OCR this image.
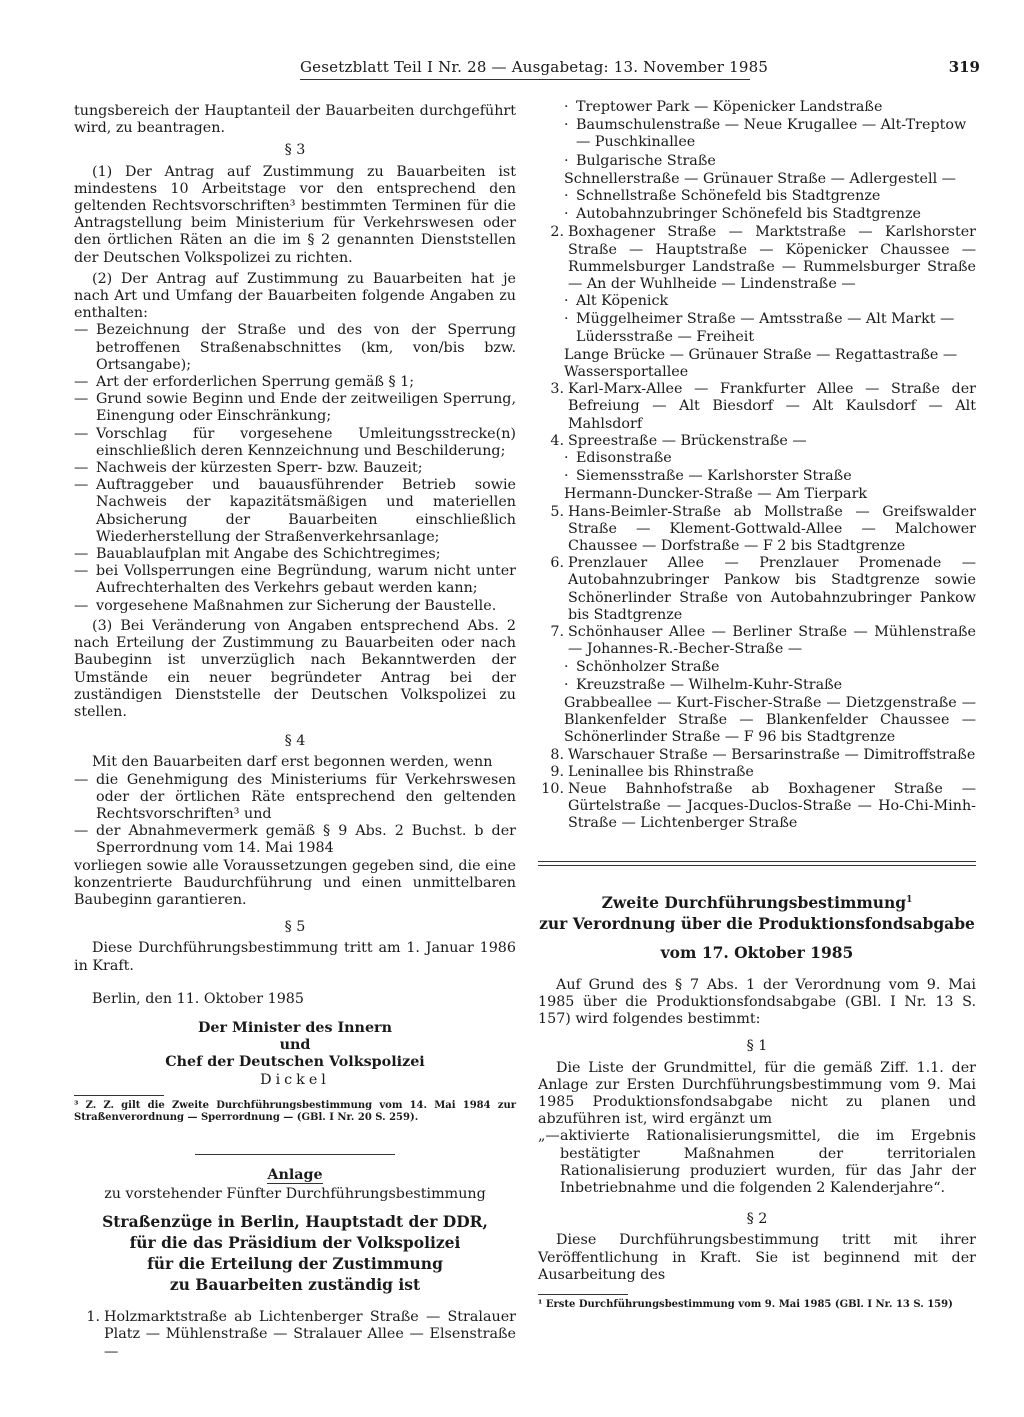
Gesetzblatt Teil I Nr. 28 — Ausgabetag: 13. November 1985	319

tungsbereich der Hauptanteil der Bauarbeiten durchgeführt wird, zu beantragen.

§ 3

(1) Der Antrag auf Zustimmung zu Bauarbeiten ist mindestens 10 Arbeitstage vor den entsprechend den geltenden Rechtsvorschriften³ bestimmten Terminen für die Antragstellung beim Ministerium für Verkehrswesen oder den örtlichen Räten an die im § 2 genannten Dienststellen der Deutschen Volkspolizei zu richten.

(2) Der Antrag auf Zustimmung zu Bauarbeiten hat je nach Art und Umfang der Bauarbeiten folgende Angaben zu enthalten:

— Bezeichnung der Straße und des von der Sperrung betroffenen Straßenabschnittes (km, von/bis bzw. Ortsangabe);
— Art der erforderlichen Sperrung gemäß § 1;
— Grund sowie Beginn und Ende der zeitweiligen Sperrung, Einengung oder Einschränkung;
— Vorschlag für vorgesehene Umleitungsstrecke(n) einschließlich deren Kennzeichnung und Beschilderung;
— Nachweis der kürzesten Sperr- bzw. Bauzeit;
— Auftraggeber und bauausführender Betrieb sowie Nachweis der kapazitätsmäßigen und materiellen Absicherung der Bauarbeiten einschließlich Wiederherstellung der Straßenverkehrsanlage;
— Bauablaufplan mit Angabe des Schichtregimes;
— bei Vollsperrungen eine Begründung, warum nicht unter Aufrechterhalten des Verkehrs gebaut werden kann;
— vorgesehene Maßnahmen zur Sicherung der Baustelle.

(3) Bei Veränderung von Angaben entsprechend Abs. 2 nach Erteilung der Zustimmung zu Bauarbeiten oder nach Baubeginn ist unverzüglich nach Bekanntwerden der Umstände ein neuer begründeter Antrag bei der zuständigen Dienststelle der Deutschen Volkspolizei zu stellen.

§ 4

Mit den Bauarbeiten darf erst begonnen werden, wenn

— die Genehmigung des Ministeriums für Verkehrswesen oder der örtlichen Räte entsprechend den geltenden Rechtsvorschriften³ und
— der Abnahmevermerk gemäß § 9 Abs. 2 Buchst. b der Sperrordnung vom 14. Mai 1984

vorliegen sowie alle Voraussetzungen gegeben sind, die eine konzentrierte Baudurchführung und einen unmittelbaren Baubeginn garantieren.

§ 5

Diese Durchführungsbestimmung tritt am 1. Januar 1986 in Kraft.

Berlin, den 11. Oktober 1985

Der Minister des Innern
und
Chef der Deutschen Volkspolizei
Dickel

³ Z. Z. gilt die Zweite Durchführungsbestimmung vom 14. Mai 1984 zur Straßenverordnung — Sperrordnung — (GBl. I Nr. 20 S. 259).

Anlage
zu vorstehender Fünfter Durchführungsbestimmung
Straßenzüge in Berlin, Hauptstadt der DDR,
für die das Präsidium der Volkspolizei
für die Erteilung der Zustimmung
zu Bauarbeiten zuständig ist
1. Holzmarktstraße ab Lichtenberger Straße — Stralauer Platz — Mühlenstraße — Stralauer Allee — Elsenstraße —
· Treptower Park — Köpenicker Landstraße
· Baumschulenstraße — Neue Krugallee — Alt-Treptow — Puschkinallee
· Bulgarische Straße

Schnellerstraße — Grünauer Straße — Adlergestell —

· Schnellstraße Schönefeld bis Stadtgrenze
· Autobahnzubringer Schönefeld bis Stadtgrenze
2. Boxhagener Straße — Marktstraße — Karlshorster Straße — Hauptstraße — Köpenicker Chaussee — Rummelsburger Landstraße — Rummelsburger Straße — An der Wuhlheide — Lindenstraße —
· Alt Köpenick
· Müggelheimer Straße — Amtsstraße — Alt Markt — Lüdersstraße — Freiheit

Lange Brücke — Grünauer Straße — Regattastraße — Wassersportallee

3. Karl-Marx-Allee — Frankfurter Allee — Straße der Befreiung — Alt Biesdorf — Alt Kaulsdorf — Alt Mahlsdorf
4. Spreestraße — Brückenstraße —
· Edisonstraße
· Siemensstraße — Karlshorster Straße

Hermann-Duncker-Straße — Am Tierpark

5. Hans-Beimler-Straße ab Mollstraße — Greifswalder Straße — Klement-Gottwald-Allee — Malchower Chaussee — Dorfstraße — F 2 bis Stadtgrenze
6. Prenzlauer Allee — Prenzlauer Promenade — Autobahnzubringer Pankow bis Stadtgrenze sowie Schönerlinder Straße von Autobahnzubringer Pankow bis Stadtgrenze
7. Schönhauser Allee — Berliner Straße — Mühlenstraße — Johannes-R.-Becher-Straße —
· Schönholzer Straße
· Kreuzstraße — Wilhelm-Kuhr-Straße

Grabbeallee — Kurt-Fischer-Straße — Dietzgenstraße — Blankenfelder Straße — Blankenfelder Chaussee — Schönerlinder Straße — F 96 bis Stadtgrenze

8. Warschauer Straße — Bersarinstraße — Dimitroffstraße
9. Leninallee bis Rhinstraße
10. Neue Bahnhofstraße ab Boxhagener Straße — Gürtelstraße — Jacques-Duclos-Straße — Ho-Chi-Minh-Straße — Lichtenberger Straße
Zweite Durchführungsbestimmung$^1$
zur Verordnung über die Produktionsfondsabgabe
vom 17. Oktober 1985

Auf Grund des § 7 Abs. 1 der Verordnung vom 9. Mai 1985 über die Produktionsfondsabgabe (GBl. I Nr. 13 S. 157) wird folgendes bestimmt:

§ 1

Die Liste der Grundmittel, für die gemäß Ziff. 1.1. der Anlage zur Ersten Durchführungsbestimmung vom 9. Mai 1985 Produktionsfondsabgabe nicht zu planen und abzuführen ist, wird ergänzt um

„— aktivierte Rationalisierungsmittel, die im Ergebnis bestätigter Maßnahmen der territorialen Rationalisierung produziert wurden, für das Jahr der Inbetriebnahme und die folgenden 2 Kalenderjahre“.
§ 2

Diese Durchführungsbestimmung tritt mit ihrer Veröffentlichung in Kraft. Sie ist beginnend mit der Ausarbeitung des

¹ Erste Durchführungsbestimmung vom 9. Mai 1985 (GBl. I Nr. 13 S. 159)
